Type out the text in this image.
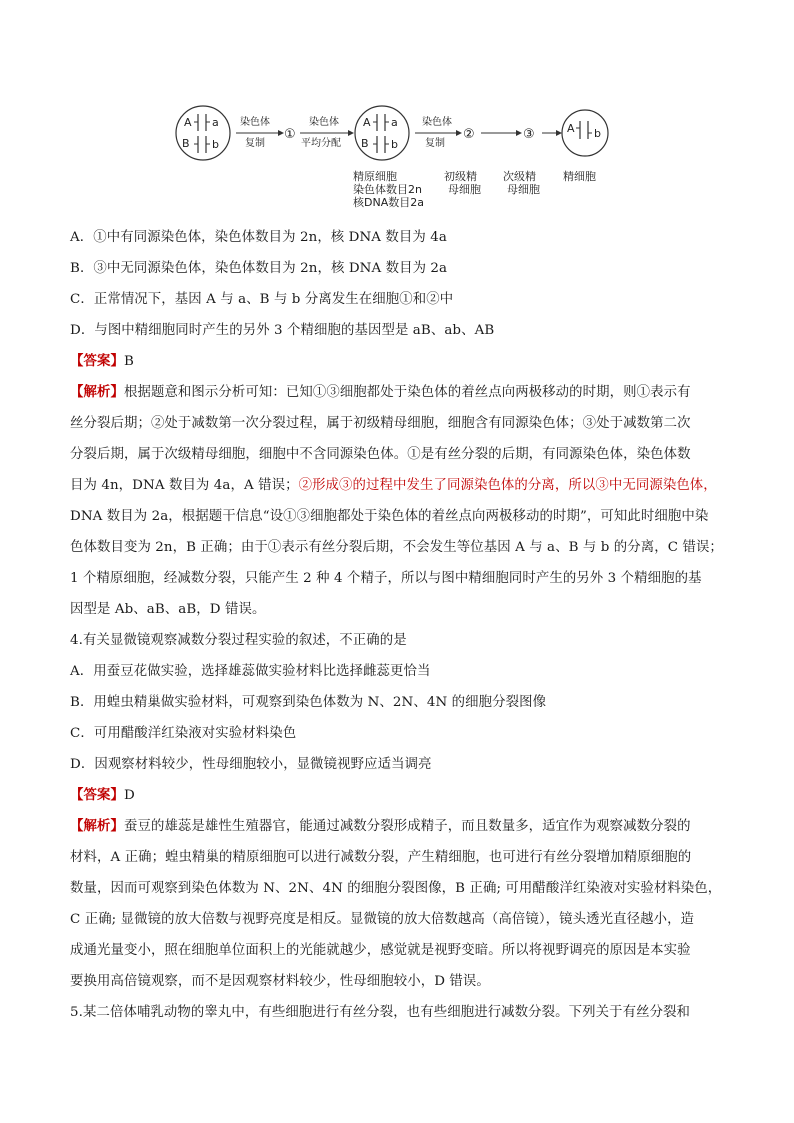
A a
B b
染色体
复制
①
染色体
平均分配
A a
B b
染色体
复制
②	③	A b
精原细胞
染色体数目2n
核DNA数目2a
初级精
母细胞
次级精
母细胞
精细胞
A．①中有同源染色体，染色体数目为 2n，核 DNA 数目为 4a
B．③中无同源染色体，染色体数目为 2n，核 DNA 数目为 2a
C．正常情况下，基因 A 与 a、B 与 b 分离发生在细胞①和②中
D．与图中精细胞同时产生的另外 3 个精细胞的基因型是 aB、ab、AB
【答案】B
【解析】根据题意和图示分析可知：已知①③细胞都处于染色体的着丝点向两极移动的时期，则①表示有
丝分裂后期；②处于减数第一次分裂过程，属于初级精母细胞，细胞含有同源染色体；③处于减数第二次
分裂后期，属于次级精母细胞，细胞中不含同源染色体。①是有丝分裂的后期，有同源染色体，染色体数
目为 4n，DNA 数目为 4a，A 错误；②形成③的过程中发生了同源染色体的分离，所以③中无同源染色体，
DNA 数目为 2a，根据题干信息“设①③细胞都处于染色体的着丝点向两极移动的时期”，可知此时细胞中染
色体数目变为 2n，B 正确；由于①表示有丝分裂后期，不会发生等位基因 A 与 a、B 与 b 的分离，C 错误；
1 个精原细胞，经减数分裂，只能产生 2 种 4 个精子，所以与图中精细胞同时产生的另外 3 个精细胞的基
因型是 Ab、aB、aB，D 错误。
4.有关显微镜观察减数分裂过程实验的叙述，不正确的是
A．用蚕豆花做实验，选择雄蕊做实验材料比选择雌蕊更恰当
B．用蝗虫精巢做实验材料，可观察到染色体数为 N、2N、4N 的细胞分裂图像
C．可用醋酸洋红染液对实验材料染色
D．因观察材料较少，性母细胞较小，显微镜视野应适当调亮
【答案】D
【解析】蚕豆的雄蕊是雄性生殖器官，能通过减数分裂形成精子，而且数量多，适宜作为观察减数分裂的
材料，A 正确；蝗虫精巢的精原细胞可以进行减数分裂，产生精细胞，也可进行有丝分裂增加精原细胞的
数量，因而可观察到染色体数为 N、2N、4N 的细胞分裂图像，B 正确; 可用醋酸洋红染液对实验材料染色，
C 正确; 显微镜的放大倍数与视野亮度是相反。显微镜的放大倍数越高（高倍镜），镜头透光直径越小，造
成通光量变小，照在细胞单位面积上的光能就越少，感觉就是视野变暗。所以将视野调亮的原因是本实验
要换用高倍镜观察，而不是因观察材料较少，性母细胞较小，D 错误。
5.某二倍体哺乳动物的睾丸中，有些细胞进行有丝分裂，也有些细胞进行减数分裂。下列关于有丝分裂和
